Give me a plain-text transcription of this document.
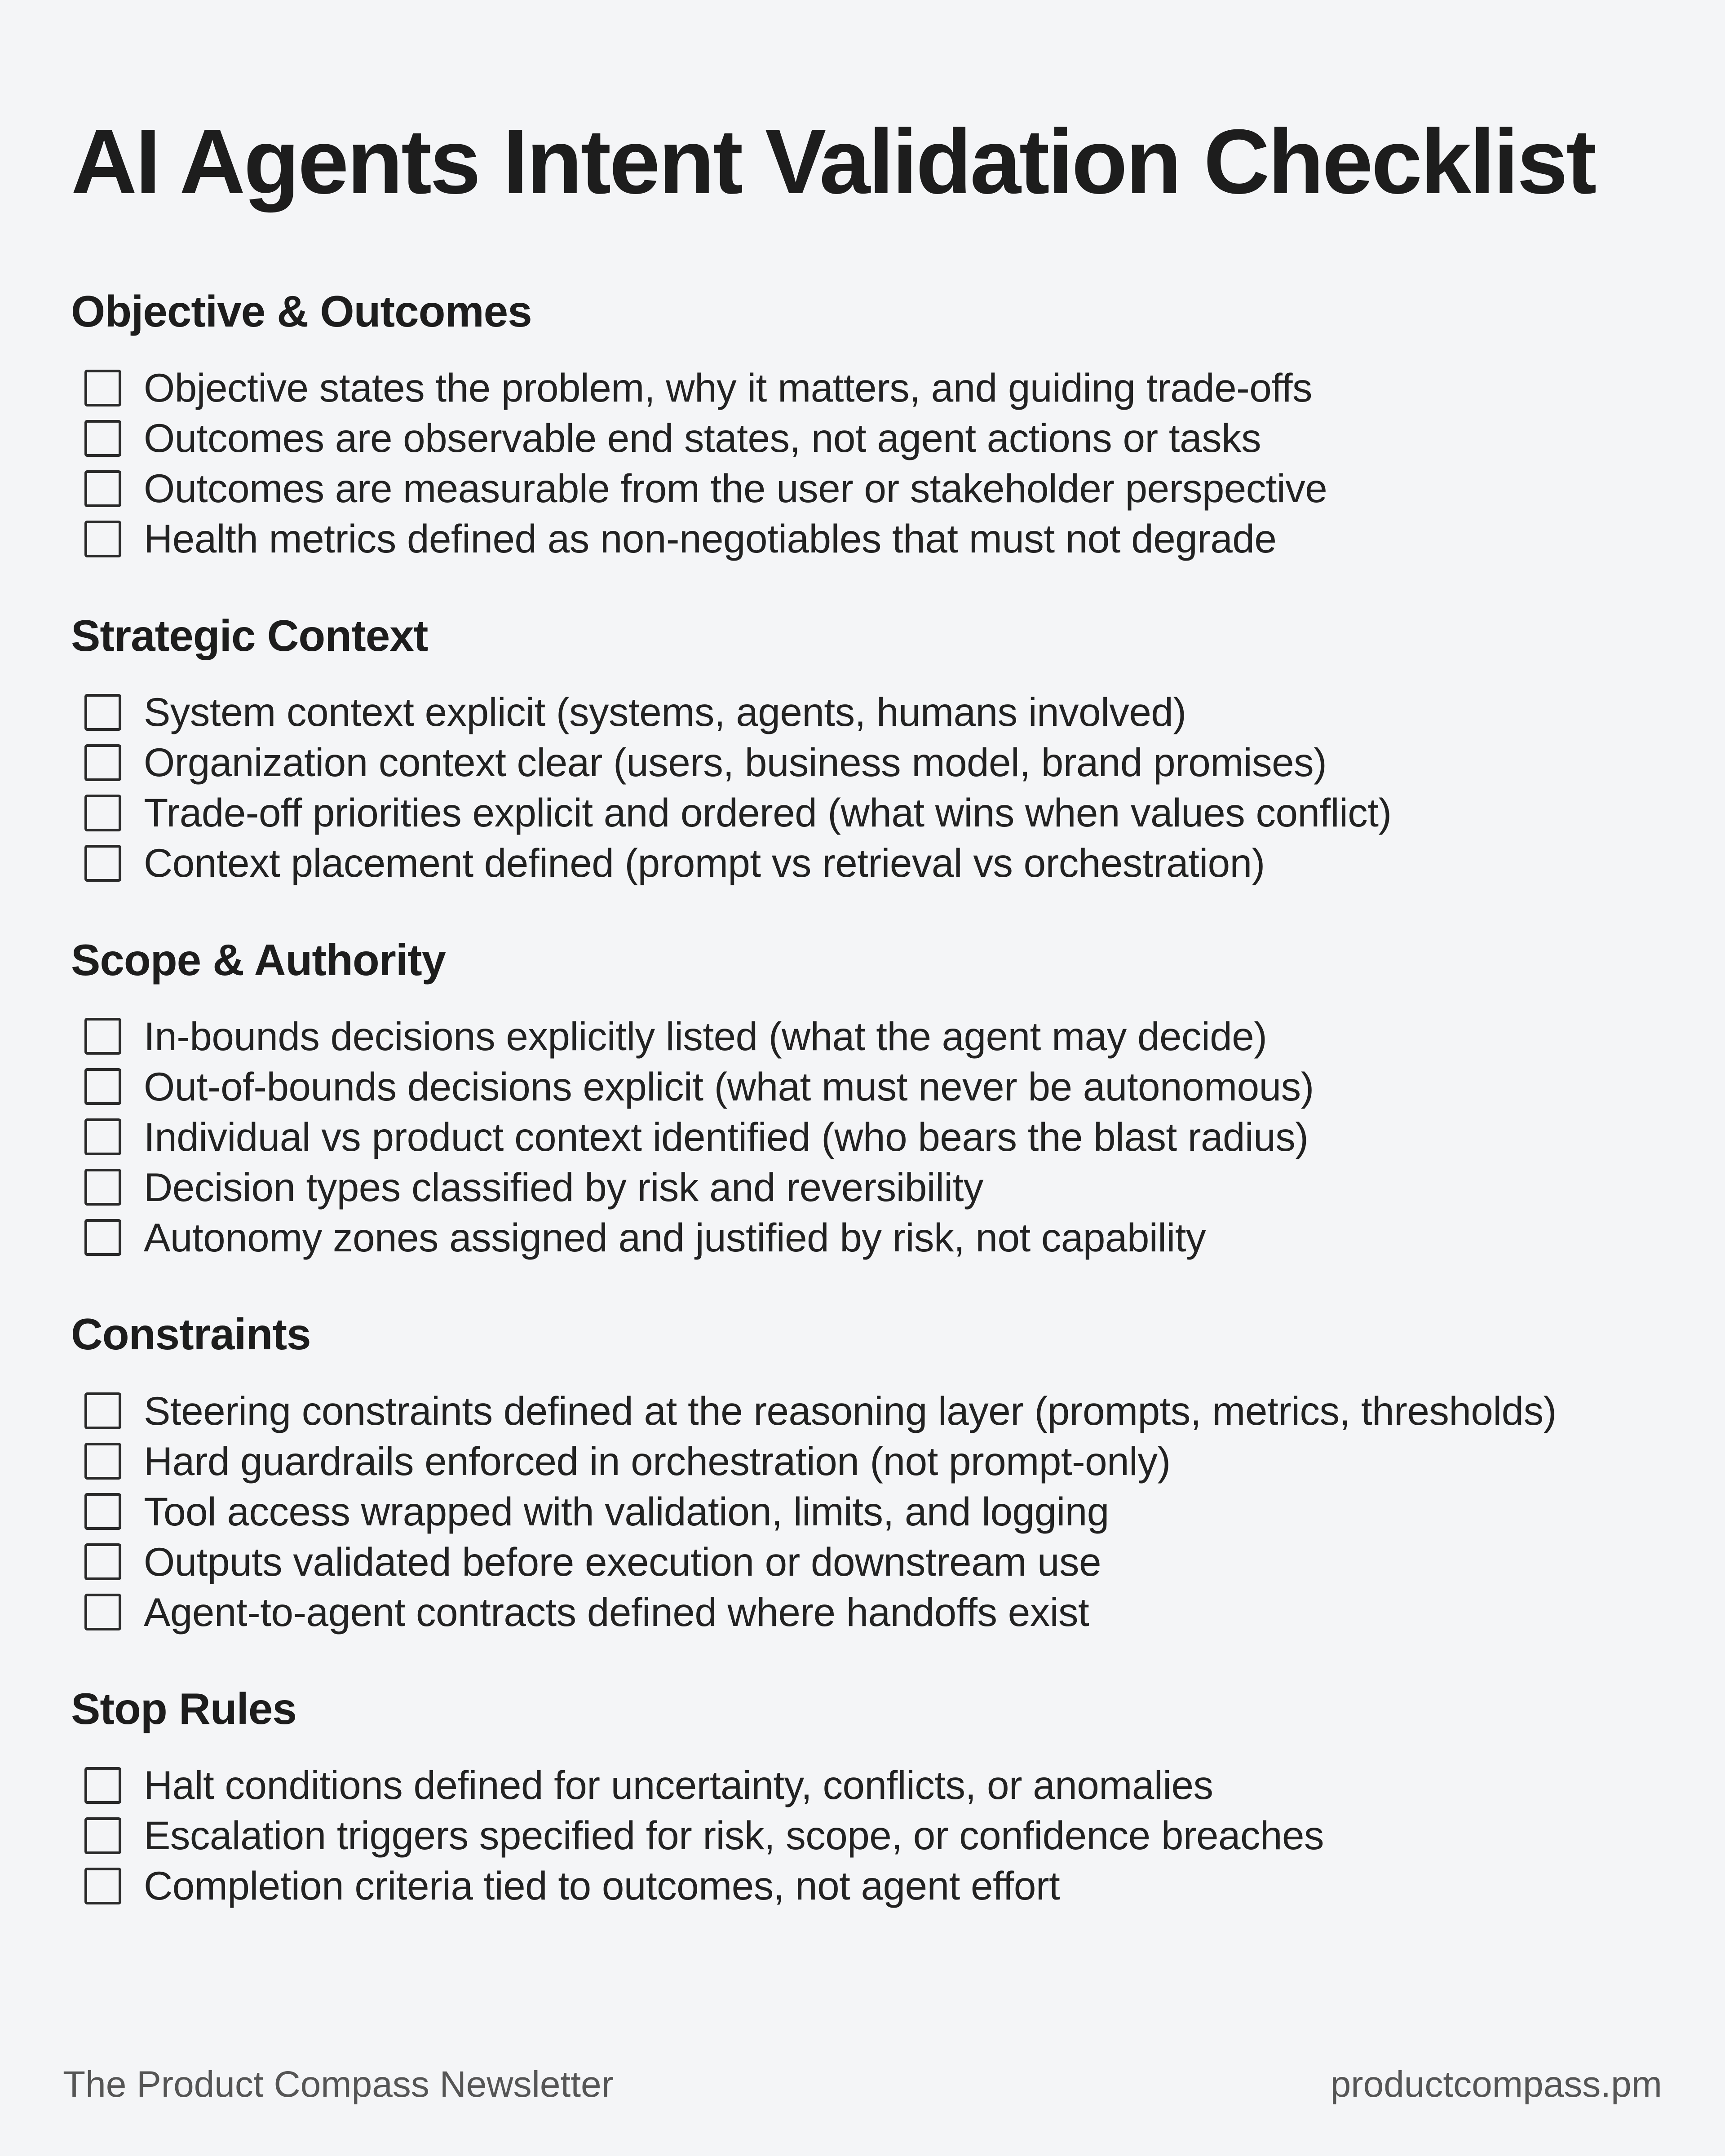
AI Agents Intent Validation Checklist
Objective & Outcomes
Objective states the problem, why it matters, and guiding trade-offs
Outcomes are observable end states, not agent actions or tasks
Outcomes are measurable from the user or stakeholder perspective
Health metrics defined as non-negotiables that must not degrade
Strategic Context
System context explicit (systems, agents, humans involved)
Organization context clear (users, business model, brand promises)
Trade-off priorities explicit and ordered (what wins when values conflict)
Context placement defined (prompt vs retrieval vs orchestration)
Scope & Authority
In-bounds decisions explicitly listed (what the agent may decide)
Out-of-bounds decisions explicit (what must never be autonomous)
Individual vs product context identified (who bears the blast radius)
Decision types classified by risk and reversibility
Autonomy zones assigned and justified by risk, not capability
Constraints
Steering constraints defined at the reasoning layer (prompts, metrics, thresholds)
Hard guardrails enforced in orchestration (not prompt-only)
Tool access wrapped with validation, limits, and logging
Outputs validated before execution or downstream use
Agent-to-agent contracts defined where handoffs exist
Stop Rules
Halt conditions defined for uncertainty, conflicts, or anomalies
Escalation triggers specified for risk, scope, or confidence breaches
Completion criteria tied to outcomes, not agent effort
The Product Compass Newsletter	productcompass.pm
